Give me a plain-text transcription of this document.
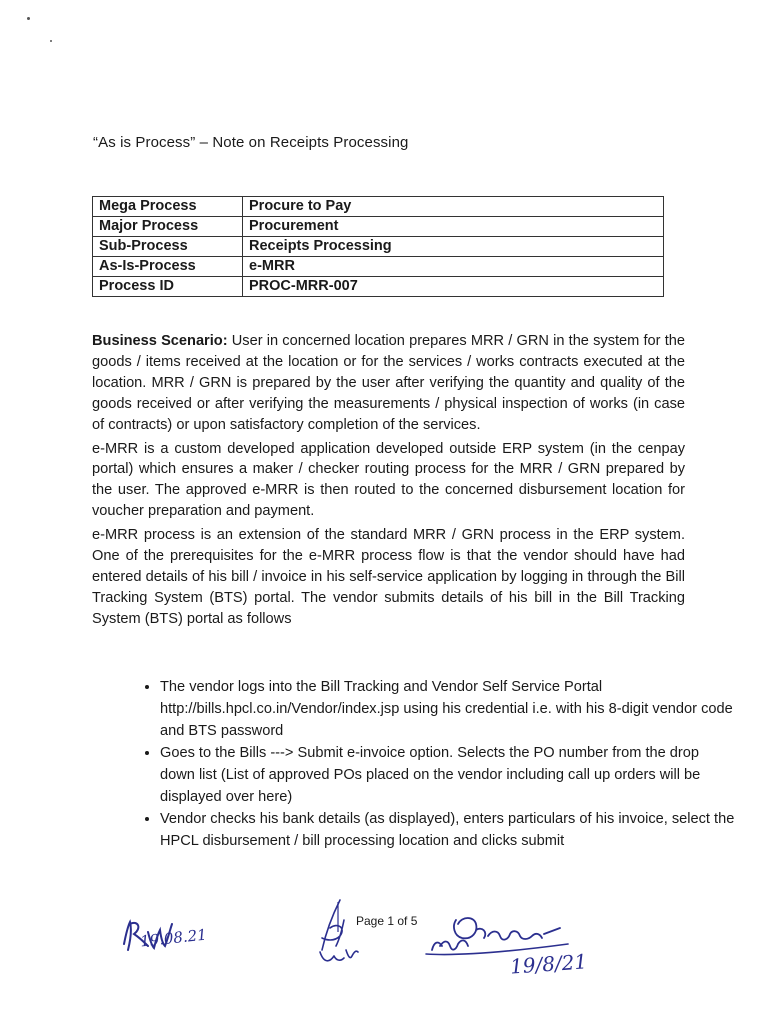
“As is Process” – Note on Receipts Processing
Mega Process	Procure to Pay
Major Process	Procurement
Sub-Process	Receipts Processing
As-Is-Process	e-MRR
Process ID	PROC-MRR-007

Business Scenario: User in concerned location prepares MRR / GRN in the system for the goods / items received at the location or for the services / works contracts executed at the location. MRR / GRN is prepared by the user after verifying the quantity and quality of the goods received or after verifying the measurements / physical inspection of works (in case of contracts) or upon satisfactory completion of the services.

e-MRR is a custom developed application developed outside ERP system (in the cenpay portal) which ensures a maker / checker routing process for the MRR / GRN prepared by the user. The approved e-MRR is then routed to the concerned disbursement location for voucher preparation and payment.

e-MRR process is an extension of the standard MRR / GRN process in the ERP system. One of the prerequisites for the e-MRR process flow is that the vendor should have had entered details of his bill / invoice in his self-service application by logging in through the Bill Tracking System (BTS) portal. The vendor submits details of his bill in the Bill Tracking System (BTS) portal as follows

• The vendor logs into the Bill Tracking and Vendor Self Service Portal http://bills.hpcl.co.in/Vendor/index.jsp using his credential i.e. with his 8-digit vendor code and BTS password
• Goes to the Bills ---> Submit e-invoice option. Selects the PO number from the drop down list (List of approved POs placed on the vendor including call up orders will be displayed over here)
• Vendor checks his bank details (as displayed), enters particulars of his invoice, select the HPCL disbursement / bill processing location and clicks submit
19.08.21
Page 1 of 5
19/8/21
